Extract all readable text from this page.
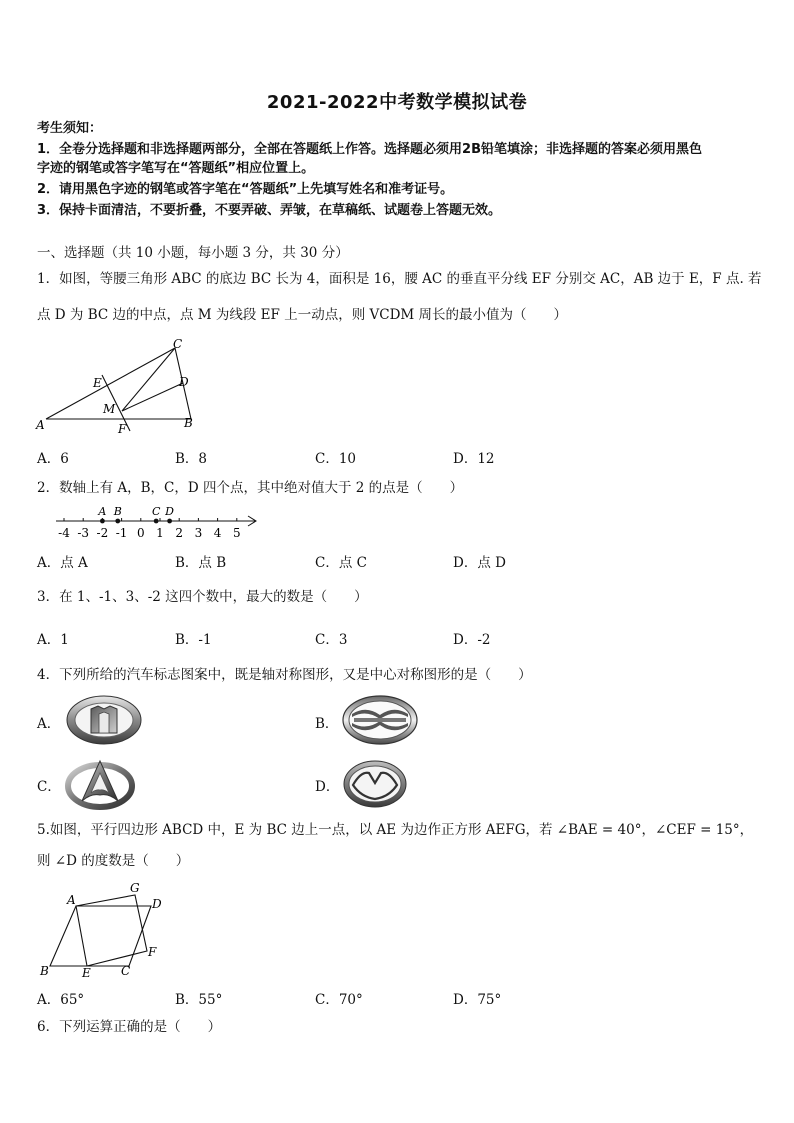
2021-2022中考数学模拟试卷
考生须知：
1．全卷分选择题和非选择题两部分，全部在答题纸上作答。选择题必须用2B铅笔填涂；非选择题的答案必须用黑色
字迹的钢笔或答字笔写在“答题纸”相应位置上。
2．请用黑色字迹的钢笔或答字笔在“答题纸”上先填写姓名和准考证号。
3．保持卡面清洁，不要折叠，不要弄破、弄皱，在草稿纸、试题卷上答题无效。
一、选择题（共 10 小题，每小题 3 分，共 30 分）
1．如图，等腰三角形 ABC 的底边 BC 长为 4，面积是 16，腰 AC 的垂直平分线 EF 分别交 AC，AB 边于 E，F 点. 若
点 D 为 BC 边的中点，点 M 为线段 EF 上一动点，则 VCDM 周长的最小值为（　　）
A	B
C
D
E
F
M
A．6	B．8	C．10	D．12
2．数轴上有 A，B，C，D 四个点，其中绝对值大于 2 的点是（　　）
-4 -3 -2 -1 0 1 2 3 4 5
A B	C D
A．点 A	B．点 B	C．点 C	D．点 D
3．在 1、-1、3、-2 这四个数中，最大的数是（　　）
A．1	B．-1	C．3	D．-2
4．下列所给的汽车标志图案中，既是轴对称图形，又是中心对称图形的是（　　）
A．	B．
C．	D．
5.如图，平行四边形 ABCD 中，E 为 BC 边上一点，以 AE 为边作正方形 AEFG，若 ∠BAE = 40°，∠CEF = 15°，
则 ∠D 的度数是（　　）
A
B	C
D
E
F
G
A．65°	B．55°	C．70°	D．75°
6．下列运算正确的是（　　）
